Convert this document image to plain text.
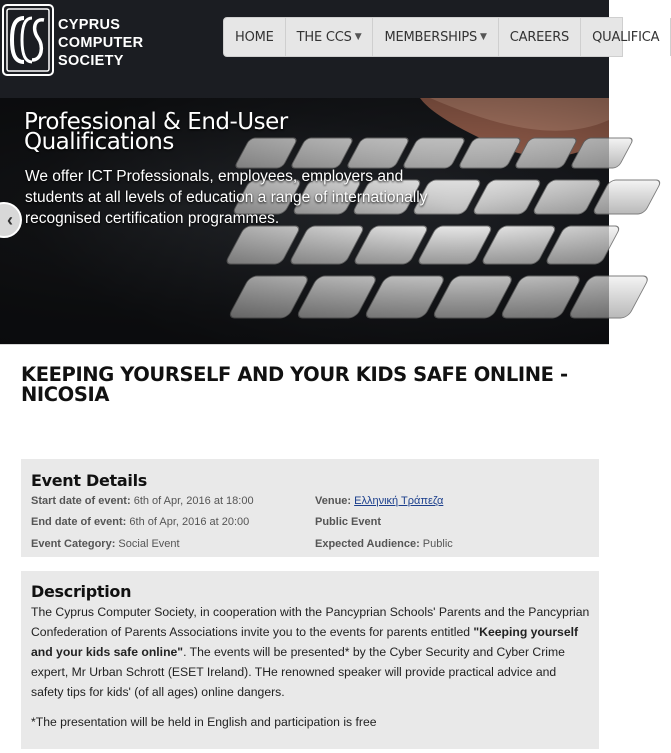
CYPRUS
COMPUTER
SOCIETY
HOME THE CCS ▼ MEMBERSHIPS ▼ CAREERS QUALIFICA
Professional & End-User
Qualifications
We offer ICT Professionals, employees, employers and students at all levels of education a range of internationally recognised certification programmes.
‹
KEEPING YOURSELF AND YOUR KIDS SAFE ONLINE - NICOSIA
Event Details
Start date of event: 6th of Apr, 2016 at 18:00
End date of event: 6th of Apr, 2016 at 20:00
Event Category: Social Event
Venue: Ελληνική Τράπεζα
Public Event
Expected Audience: Public
Description

The Cyprus Computer Society, in cooperation with the Pancyprian Schools' Parents and the Pancyprian Confederation of Parents Associations invite you to the events for parents entitled "Keeping yourself and your kids safe online". The events will be presented* by the Cyber Security and Cyber Crime expert, Mr Urban Schrott (ESET Ireland). THe renowned speaker will provide practical advice and safety tips for kids' (of all ages) online dangers.

*The presentation will be held in English and participation is free
